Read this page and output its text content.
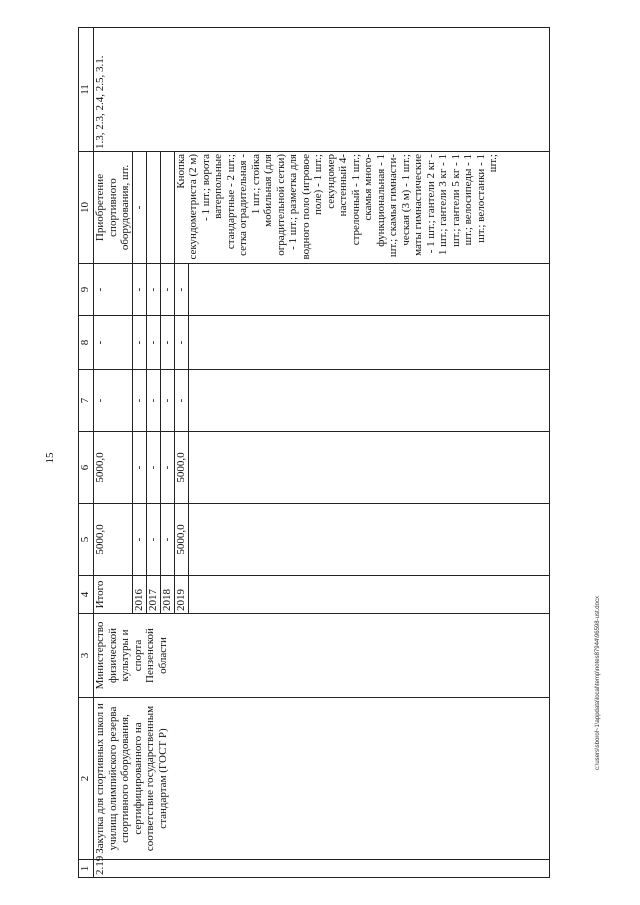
15
1	2	3	4	5	6	7	8	9	10	11
2.19	Закупка для спортивных школ и училищ олимпийского резерва спортивного оборудования, сертифицированного на соответствие государственным стандартам (ГОСТ Р)	Министерство физической культуры и спорта Пензенской области	Итого	5000,0	5000,0	-	-	-	Приобретение спортивного оборудования, шт.	1.3, 2.3, 2.4, 2.5, 3.1.
			2016	-	-	-	-	-	-	
			2017	-	-	-	-	-		
			2018	-	-	-	-	-		
			2019	5000,0	5000,0	-	-	-	Кнопка секундометриста (2 м) - 1 шт.; ворота ватерпольные стандартные - 2 шт.; сетка оградительная - 1 шт.; стойка мобильная (для оградительной сетки) - 1 шт.; разметка для водного поло (игровое поле) - 1 шт.; секундомер настенный 4-стрелочный - 1 шт.; скамья много-функциональная - 1 шт.; скамья гимнасти-ческая (3 м) - 1 шт.; маты гимнастические - 1 шт.; гантели 2 кг - 1 шт.; гантели 3 кг - 1 шт.; гантели 5 кг - 1 шт.; велосипеды - 1 шт.; велостанки - 1 шт.;	

c:\users\sborol~1\appdata\local\temp\notes87944\96598-ust.docx
